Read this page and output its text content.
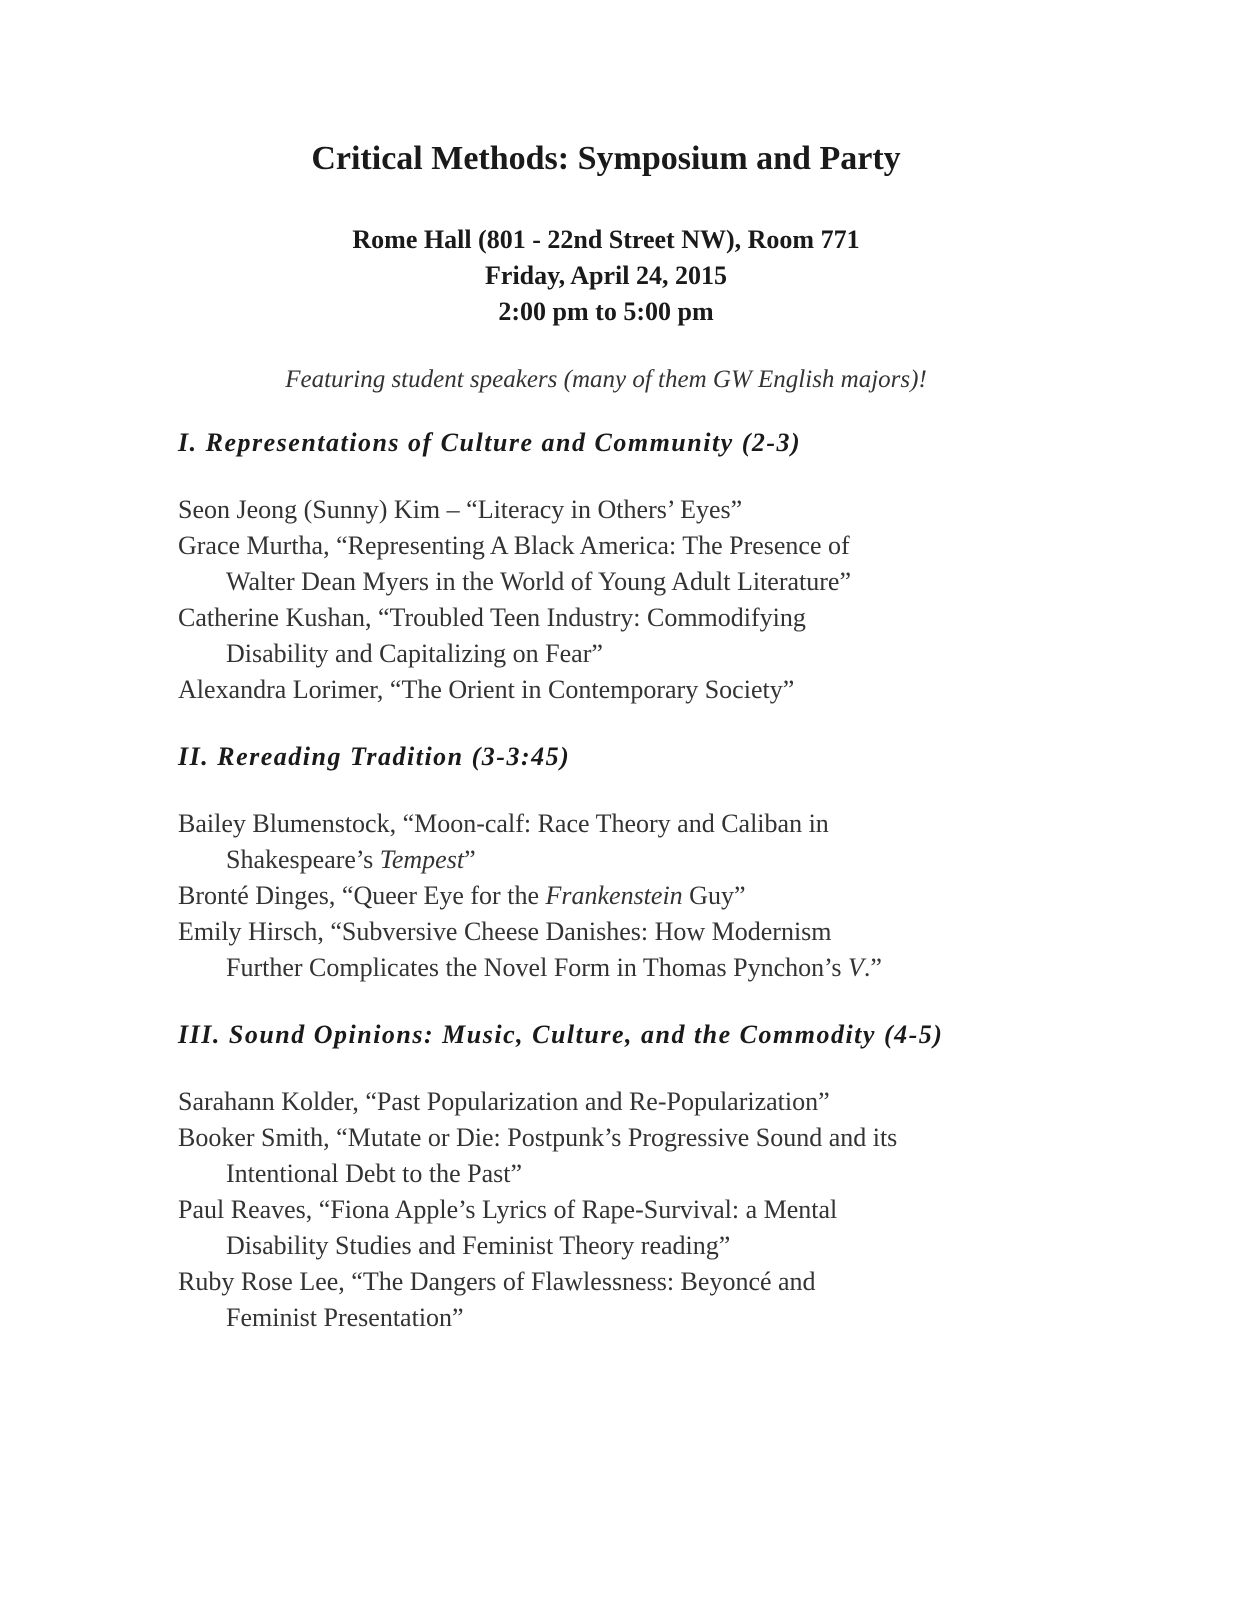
Critical Methods: Symposium and Party
Rome Hall (801 - 22nd Street NW), Room 771
Friday, April 24, 2015
2:00 pm to 5:00 pm
Featuring student speakers (many of them GW English majors)!
I. Representations of Culture and Community (2-3)
Seon Jeong (Sunny) Kim – “Literacy in Others’ Eyes”
Grace Murtha, “Representing A Black America: The Presence of
Walter Dean Myers in the World of Young Adult Literature”
Catherine Kushan, “Troubled Teen Industry: Commodifying
Disability and Capitalizing on Fear”
Alexandra Lorimer, “The Orient in Contemporary Society”
II. Rereading Tradition (3-3:45)
Bailey Blumenstock, “Moon-calf: Race Theory and Caliban in
Shakespeare’s Tempest”
Bronté Dinges, “Queer Eye for the Frankenstein Guy”
Emily Hirsch, “Subversive Cheese Danishes: How Modernism
Further Complicates the Novel Form in Thomas Pynchon’s V.”
III. Sound Opinions: Music, Culture, and the Commodity (4-5)
Sarahann Kolder, “Past Popularization and Re-Popularization”
Booker Smith, “Mutate or Die: Postpunk’s Progressive Sound and its
Intentional Debt to the Past”
Paul Reaves, “Fiona Apple’s Lyrics of Rape-Survival: a Mental
Disability Studies and Feminist Theory reading”
Ruby Rose Lee, “The Dangers of Flawlessness: Beyoncé and
Feminist Presentation”
